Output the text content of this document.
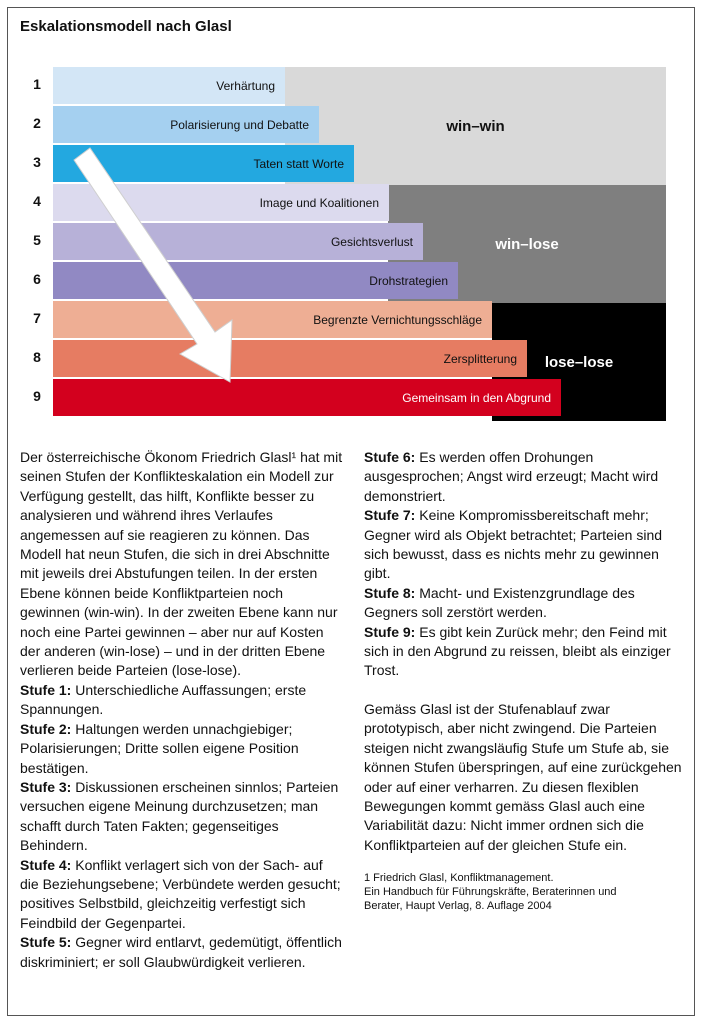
Eskalationsmodell nach Glasl
win–win
win–lose
lose–lose
1	Verhärtung
2	Polarisierung und Debatte
3	Taten statt Worte
4	Image und Koalitionen
5	Gesichtsverlust
6	Drohstrategien
7	Begrenzte Vernichtungsschläge
8	Zersplitterung
9	Gemeinsam in den Abgrund

Der österreichische Ökonom Friedrich Glasl¹ hat mit seinen Stufen der Konflikteskalation ein Modell zur Verfügung gestellt, das hilft, Konflikte besser zu analysieren und während ihres Verlaufes angemessen auf sie reagieren zu können. Das Modell hat neun Stufen, die sich in drei Abschnitte mit jeweils drei Abstufungen teilen. In der ersten Ebene können beide Konfliktparteien noch gewinnen (win-win). In der zweiten Ebene kann nur noch eine Partei gewinnen – aber nur auf Kosten der anderen (win-lose) – und in der dritten Ebene verlieren beide Parteien (lose-lose).

Stufe 1: Unterschiedliche Auffassungen; erste Spannungen.

Stufe 2: Haltungen werden unnachgiebiger; Polarisierungen; Dritte sollen eigene Position bestätigen.

Stufe 3: Diskussionen erscheinen sinnlos; Parteien versuchen eigene Meinung durchzusetzen; man schafft durch Taten Fakten; gegenseitiges Behindern.

Stufe 4: Konflikt verlagert sich von der Sach- auf die Beziehungsebene; Verbündete werden gesucht; positives Selbstbild, gleichzeitig verfestigt sich Feindbild der Gegenpartei.

Stufe 5: Gegner wird entlarvt, gedemütigt, öffentlich diskriminiert; er soll Glaubwürdigkeit verlieren.

Stufe 6: Es werden offen Drohungen ausgesprochen; Angst wird erzeugt; Macht wird demonstriert.

Stufe 7: Keine Kompromissbereitschaft mehr; Gegner wird als Objekt betrachtet; Parteien sind sich bewusst, dass es nichts mehr zu gewinnen gibt.

Stufe 8: Macht- und Existenzgrundlage des Gegners soll zerstört werden.

Stufe 9: Es gibt kein Zurück mehr; den Feind mit sich in den Abgrund zu reissen, bleibt als einziger Trost.

Gemäss Glasl ist der Stufenablauf zwar prototypisch, aber nicht zwingend. Die Parteien steigen nicht zwangsläufig Stufe um Stufe ab, sie können Stufen überspringen, auf eine zurückgehen oder auf einer verharren. Zu diesen flexiblen Bewegungen kommt gemäss Glasl auch eine Variabilität dazu: Nicht immer ordnen sich die Konfliktparteien auf der gleichen Stufe ein.

1 Friedrich Glasl, Konfliktmanagement.
Ein Handbuch für Führungskräfte, Beraterinnen und
Berater, Haupt Verlag, 8. Auflage 2004
